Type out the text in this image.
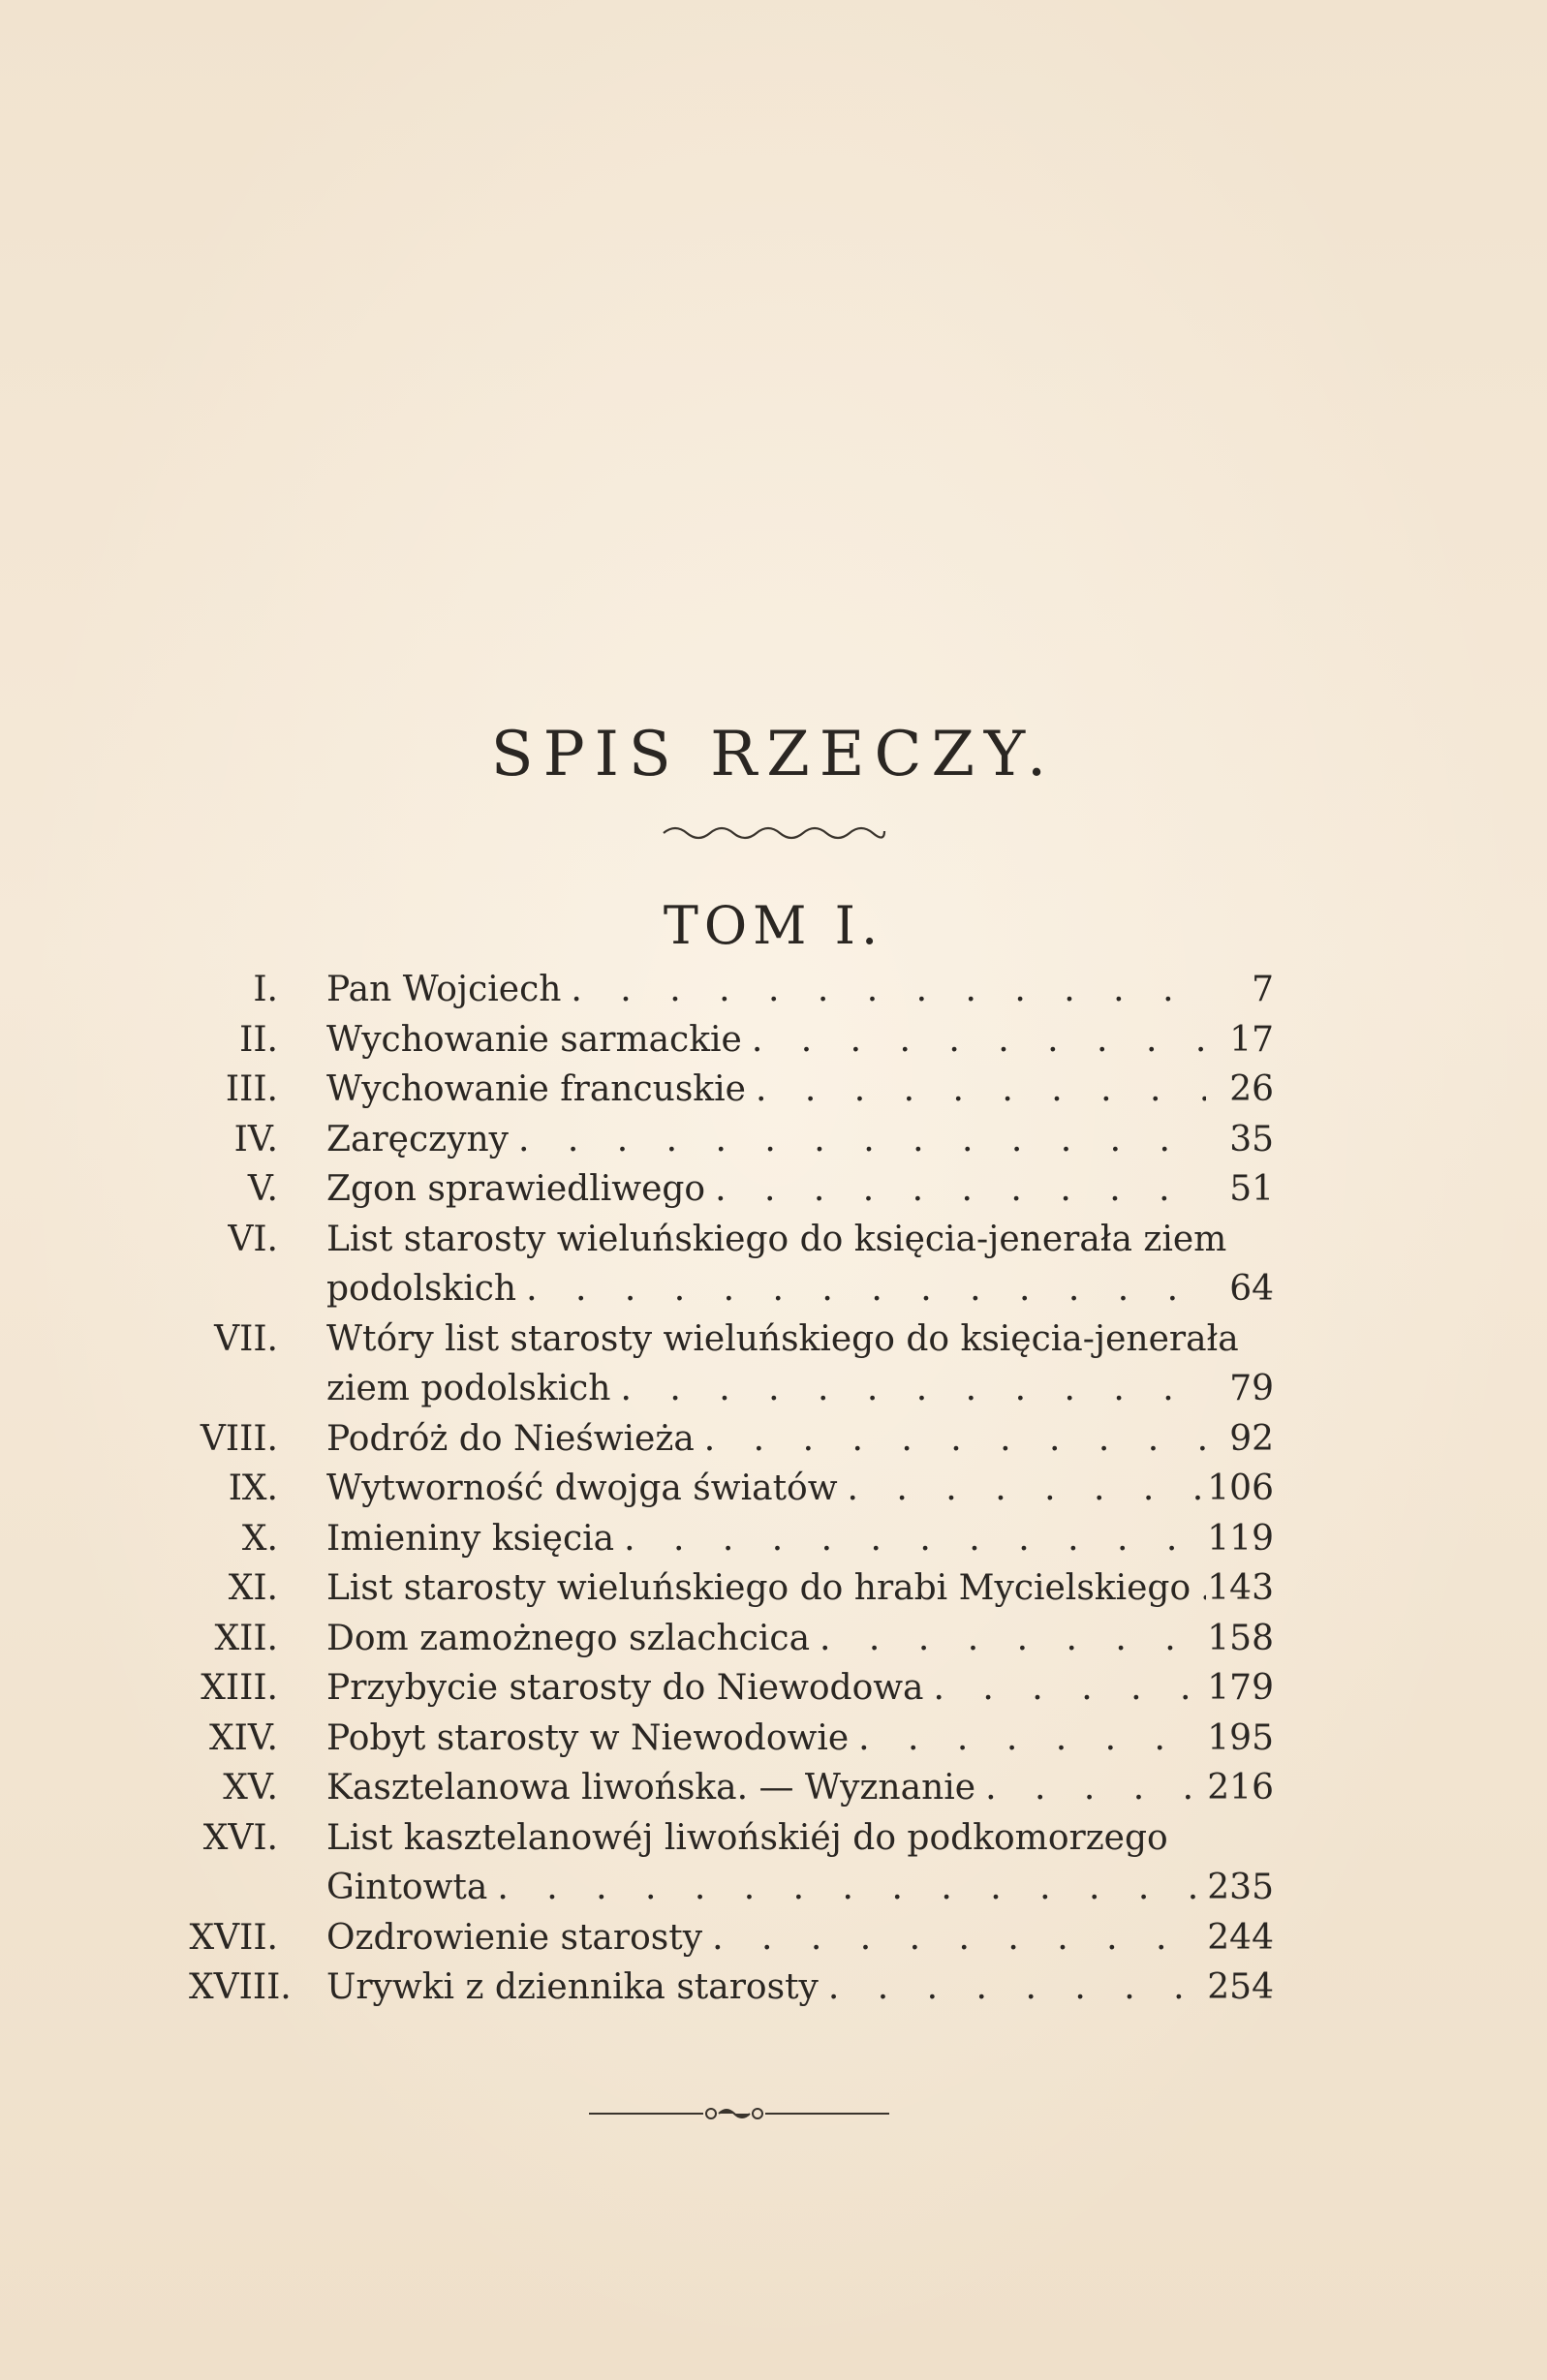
SPIS RZECZY.
TOM I.
I. Pan Wojciech . . .	7
II. Wychowanie sarmackie . . .	17
III. Wychowanie francuskie . . .	26
IV. Zaręczyny . . .	35
V. Zgon sprawiedliwego . . .	51
VI. List starosty wieluńskiego do księcia-jenerała ziem
podolskich . . .	64
VII. Wtóry list starosty wieluńskiego do księcia-jenerała
ziem podolskich . . .	79
VIII. Podróż do Nieświeża . . .	92
IX. Wytworność dwojga światów . . .	106
X. Imieniny księcia . . .	119
XI. List starosty wieluńskiego do hrabi Mycielskiego . . . 143
XII. Dom zamożnego szlachcica . . .	158
XIII. Przybycie starosty do Niewodowa . . .	179
XIV. Pobyt starosty w Niewodowie . . .	195
XV. Kasztelanowa liwońska. — Wyznanie . . .	216
XVI. List kasztelanowéj liwońskiéj do podkomorzego
Gintowta . . .	235
XVII. Ozdrowienie starosty . . .	244
XVIII. Urywki z dziennika starosty . . .	254
